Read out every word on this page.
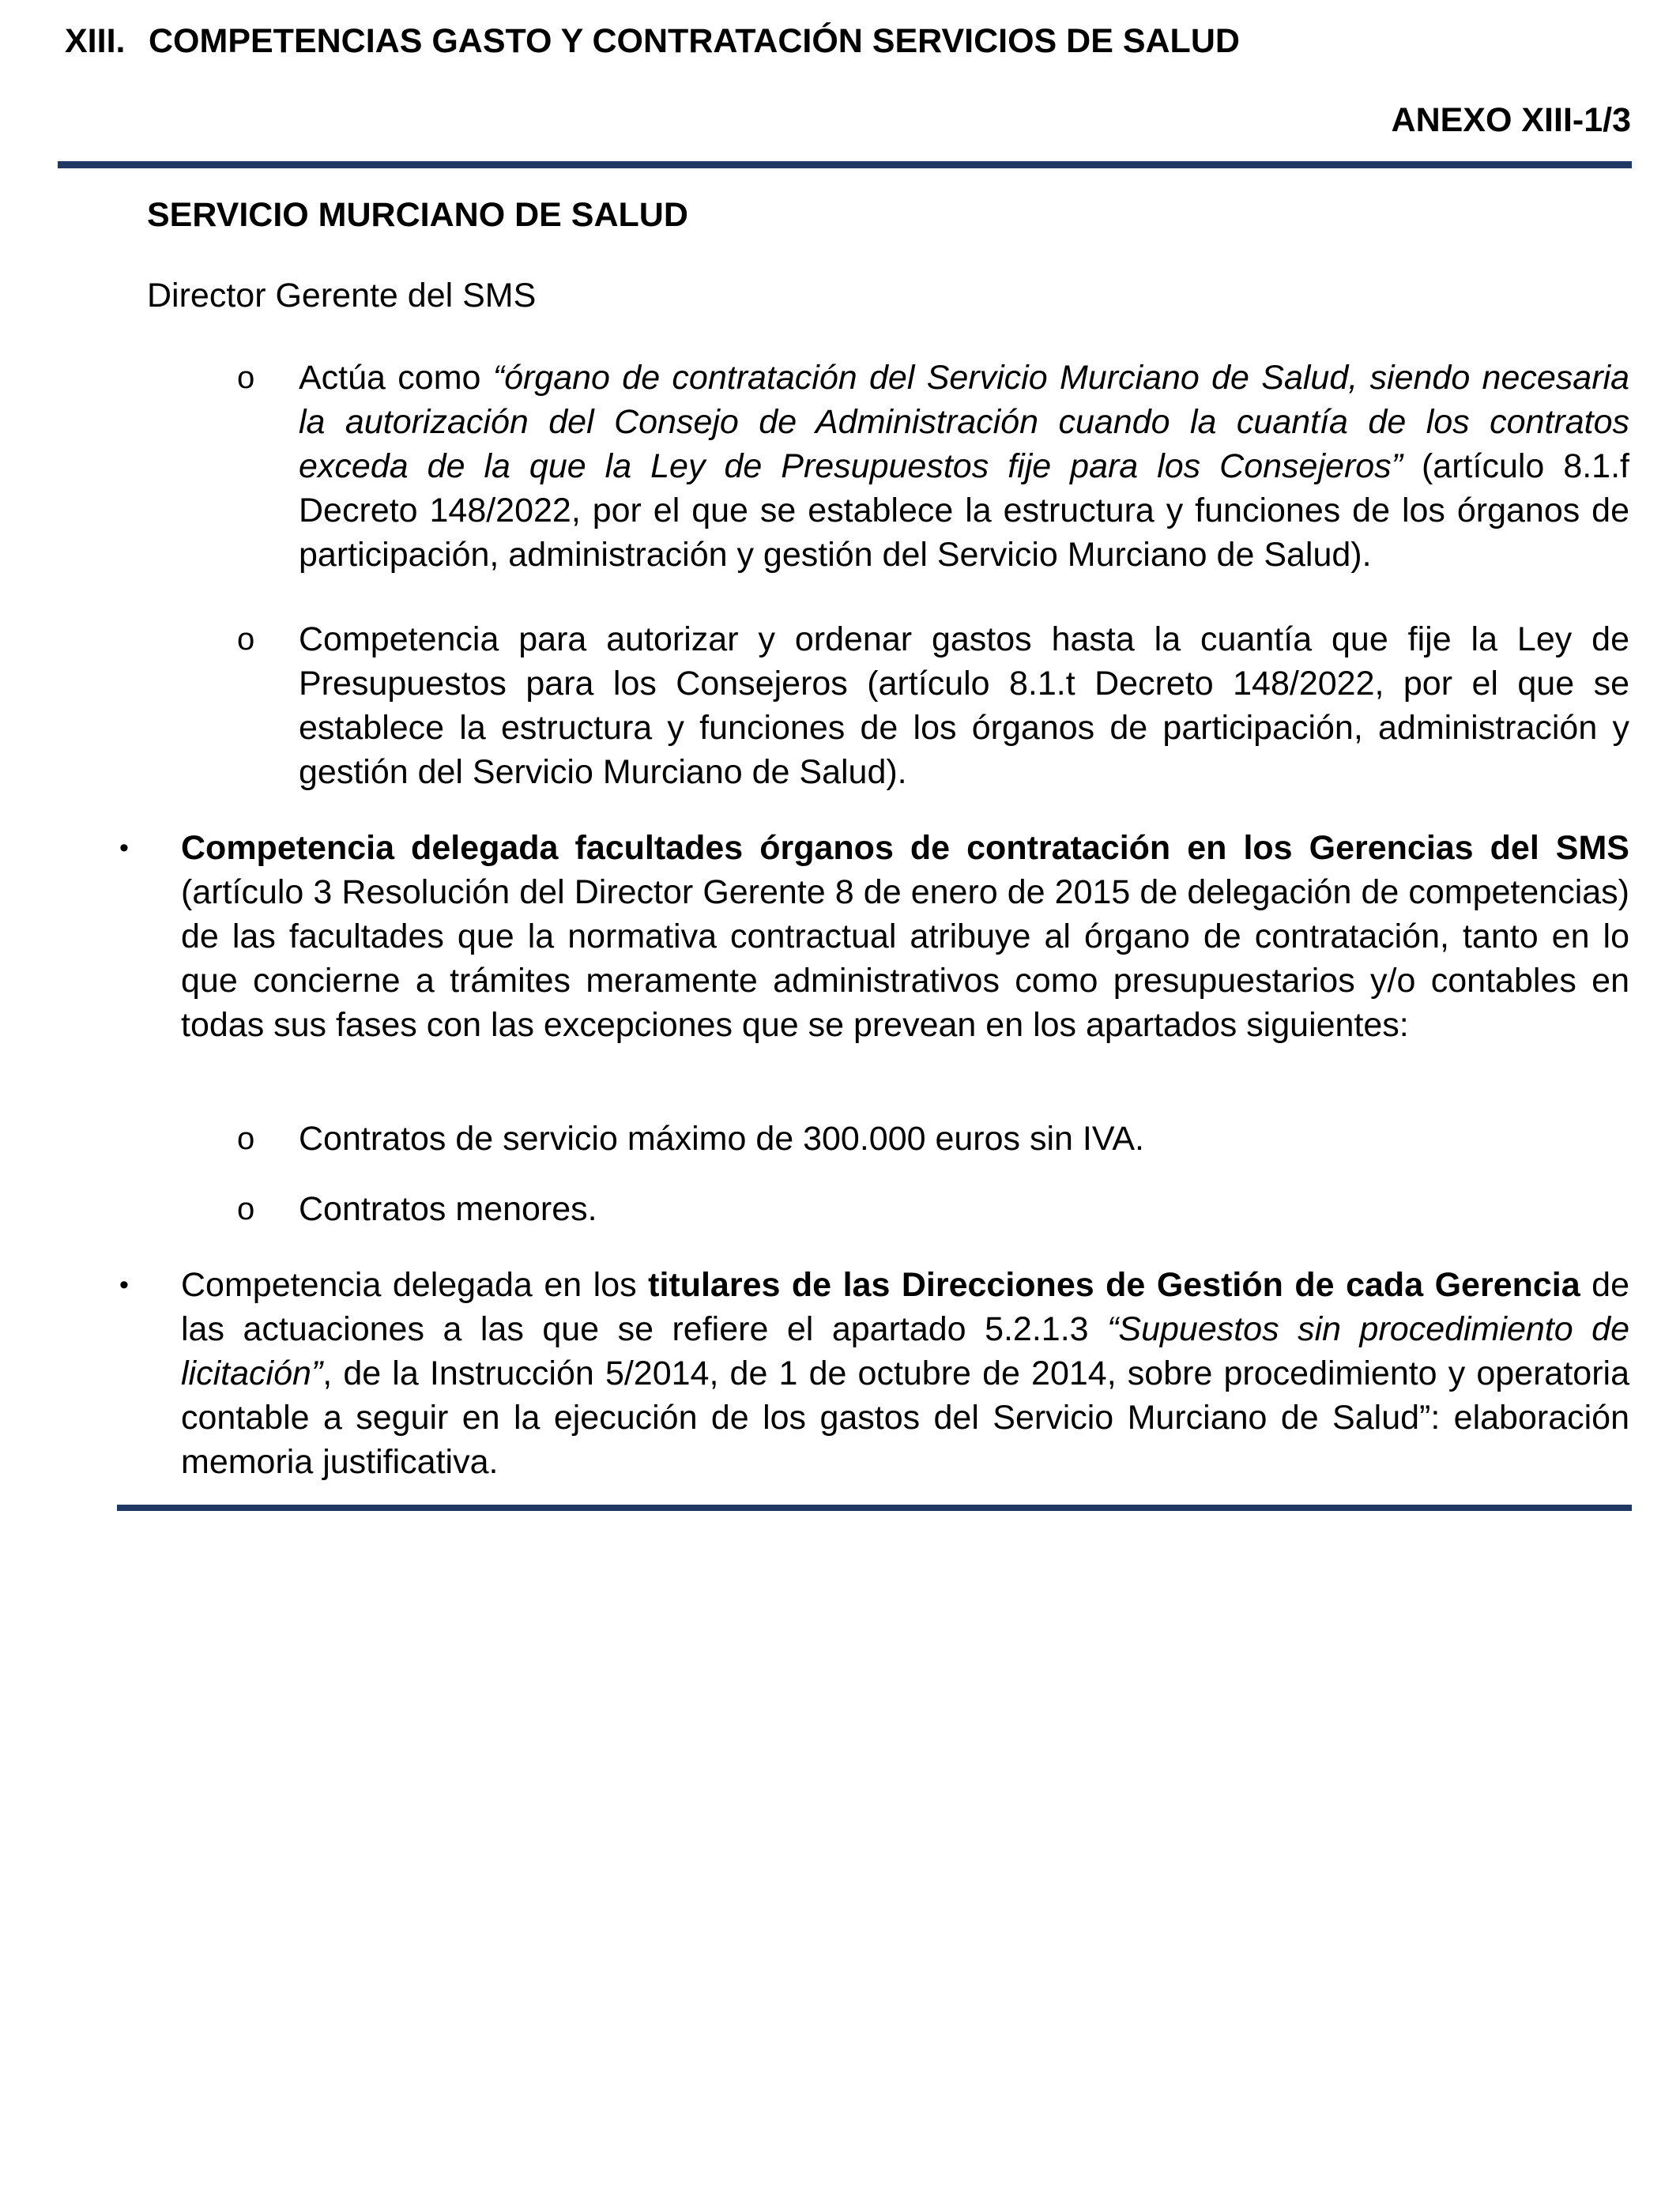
XIII. COMPETENCIAS GASTO Y CONTRATACIÓN SERVICIOS DE SALUD
ANEXO XIII-1/3
SERVICIO MURCIANO DE SALUD
Director Gerente del SMS
o Actúa como “órgano de contratación del Servicio Murciano de Salud, siendo necesaria la autorización del Consejo de Administración cuando la cuantía de los contratos exceda de la que la Ley de Presupuestos fije para los Consejeros” (artículo 8.1.f Decreto 148/2022, por el que se establece la estructura y funciones de los órganos de participación, administración y gestión del Servicio Murciano de Salud).

o Competencia para autorizar y ordenar gastos hasta la cuantía que fije la Ley de Presupuestos para los Consejeros (artículo 8.1.t Decreto 148/2022, por el que se establece la estructura y funciones de los órganos de participación, administración y gestión del Servicio Murciano de Salud).

• Competencia delegada facultades órganos de contratación en los Gerencias del SMS (artículo 3 Resolución del Director Gerente 8 de enero de 2015 de delegación de competencias) de las facultades que la normativa contractual atribuye al órgano de contratación, tanto en lo que concierne a trámites meramente administrativos como presupuestarios y/o contables en todas sus fases con las excepciones que se prevean en los apartados siguientes:

o Contratos de servicio máximo de 300.000 euros sin IVA.

o Contratos menores.

• Competencia delegada en los titulares de las Direcciones de Gestión de cada Gerencia de las actuaciones a las que se refiere el apartado 5.2.1.3 “Supuestos sin procedimiento de licitación”, de la Instrucción 5/2014, de 1 de octubre de 2014, sobre procedimiento y operatoria contable a seguir en la ejecución de los gastos del Servicio Murciano de Salud”: elaboración memoria justificativa.
